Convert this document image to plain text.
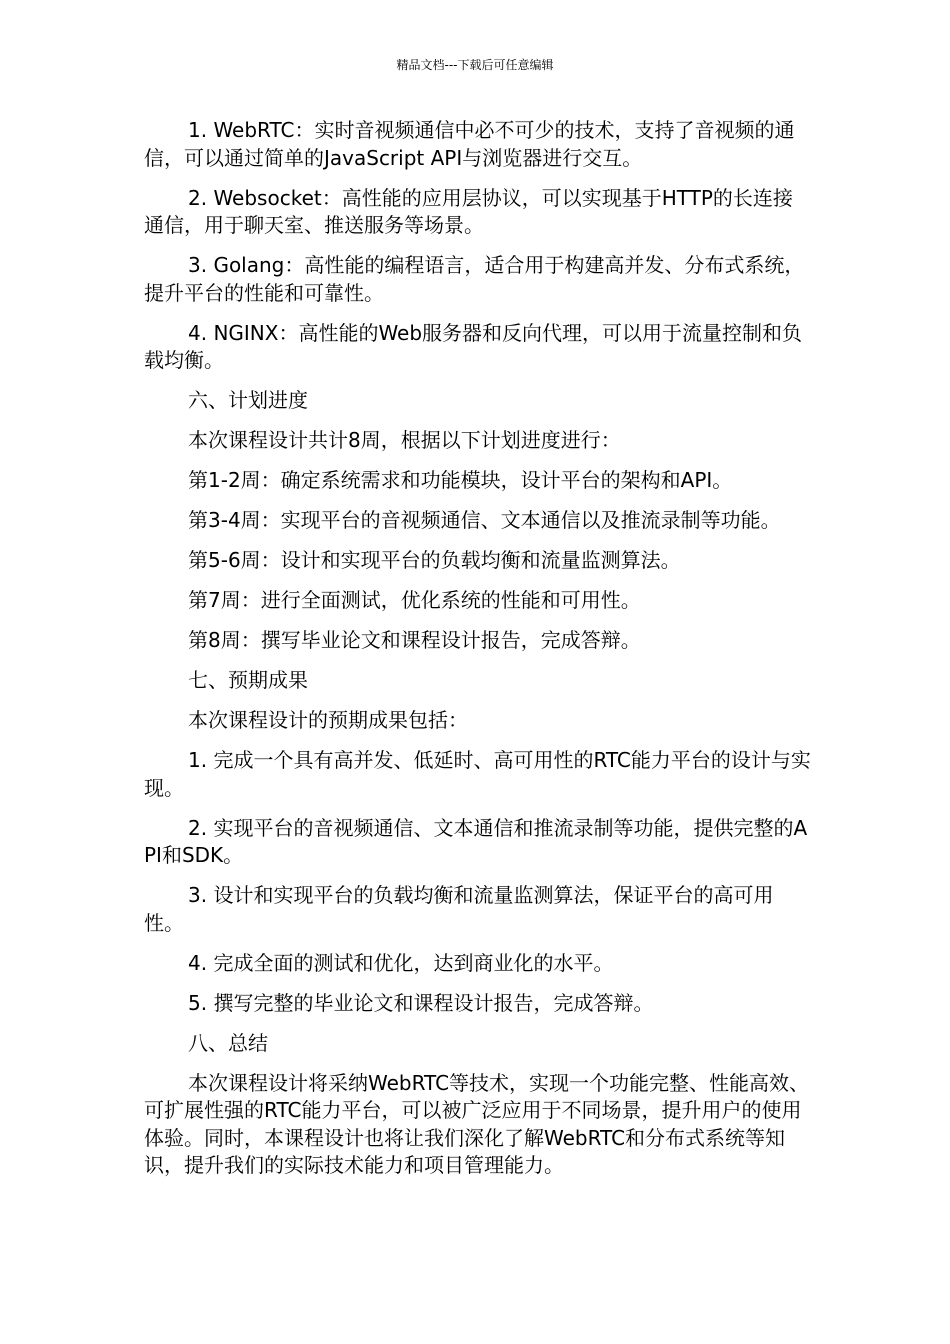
精品文档---下载后可任意编辑

1. WebRTC：实时音视频通信中必不可少的技术，支持了音视频的通信，可以通过简单的JavaScript API与浏览器进行交互。

2. Websocket：高性能的应用层协议，可以实现基于HTTP的长连接通信，用于聊天室、推送服务等场景。

3. Golang：高性能的编程语言，适合用于构建高并发、分布式系统，提升平台的性能和可靠性。

4. NGINX：高性能的Web服务器和反向代理，可以用于流量控制和负载均衡。

六、计划进度

本次课程设计共计8周，根据以下计划进度进行：

第1-2周：确定系统需求和功能模块，设计平台的架构和API。

第3-4周：实现平台的音视频通信、文本通信以及推流录制等功能。

第5-6周：设计和实现平台的负载均衡和流量监测算法。

第7周：进行全面测试，优化系统的性能和可用性。

第8周：撰写毕业论文和课程设计报告，完成答辩。

七、预期成果

本次课程设计的预期成果包括：

1. 完成一个具有高并发、低延时、高可用性的RTC能力平台的设计与实现。

2. 实现平台的音视频通信、文本通信和推流录制等功能，提供完整的API和SDK。

3. 设计和实现平台的负载均衡和流量监测算法，保证平台的高可用性。

4. 完成全面的测试和优化，达到商业化的水平。

5. 撰写完整的毕业论文和课程设计报告，完成答辩。

八、总结

本次课程设计将采纳WebRTC等技术，实现一个功能完整、性能高效、可扩展性强的RTC能力平台，可以被广泛应用于不同场景，提升用户的使用体验。同时，本课程设计也将让我们深化了解WebRTC和分布式系统等知识，提升我们的实际技术能力和项目管理能力。
